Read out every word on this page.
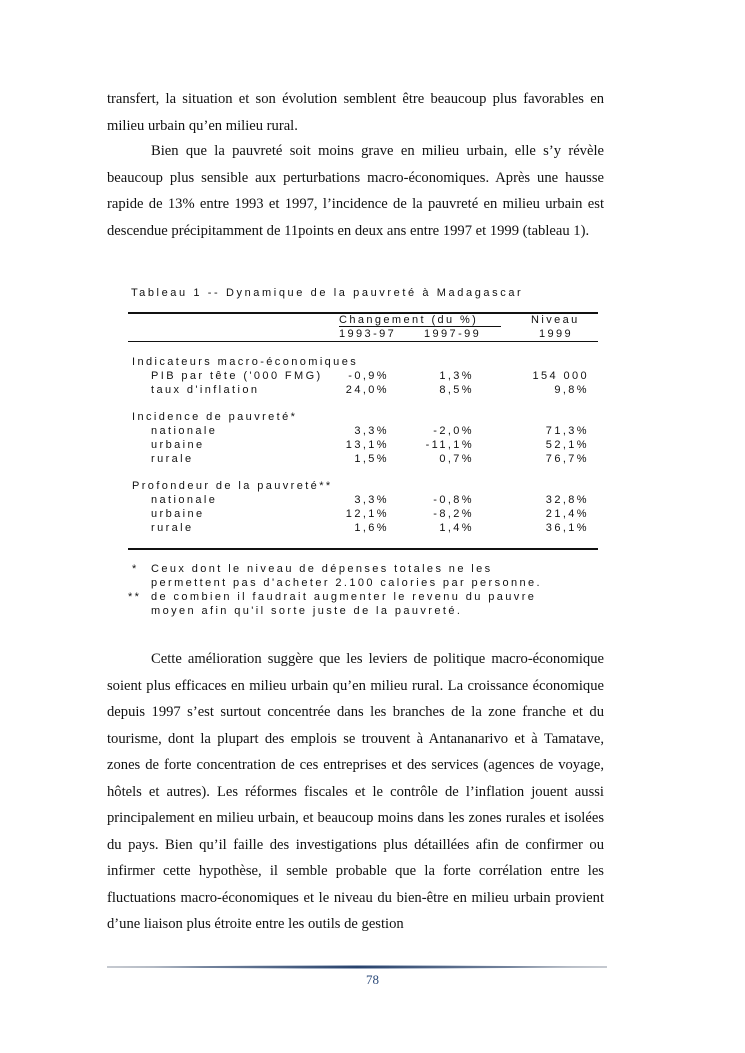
transfert, la situation et son évolution semblent être beaucoup plus favorables en milieu urbain qu’en milieu rural.

Bien que la pauvreté soit moins grave en milieu urbain, elle s’y révèle beaucoup plus sensible aux perturbations macro-économiques. Après une hausse rapide de 13% entre 1993 et 1997, l’incidence de la pauvreté en milieu urbain est descendue précipitamment de 11points en deux ans entre 1997 et 1999 (tableau 1).

Tableau 1 -- Dynamique de la pauvreté à Madagascar
Changement (du %)	Niveau
1993-97	1997-99	1999
Indicateurs macro-économiques
PIB par tête ('000 FMG)	-0,9%	1,3%	154 000
taux d'inflation	24,0%	8,5%	9,8%
Incidence de pauvreté*
nationale	3,3%	-2,0%	71,3%
urbaine	13,1%	-11,1%	52,1%
rurale	1,5%	0,7%	76,7%
Profondeur de la pauvreté**
nationale	3,3%	-0,8%	32,8%
urbaine	12,1%	-8,2%	21,4%
rurale	1,6%	1,4%	36,1%
* Ceux dont le niveau de dépenses totales ne les
permettent pas d'acheter 2.100 calories par personne.
** de combien il faudrait augmenter le revenu du pauvre
moyen afin qu'il sorte juste de la pauvreté.

Cette amélioration suggère que les leviers de politique macro-économique soient plus efficaces en milieu urbain qu’en milieu rural. La croissance économique depuis 1997 s’est surtout concentrée dans les branches de la zone franche et du tourisme, dont la plupart des emplois se trouvent à Antananarivo et à Tamatave, zones de forte concentration de ces entreprises et des services (agences de voyage, hôtels et autres). Les réformes fiscales et le contrôle de l’inflation jouent aussi principalement en milieu urbain, et beaucoup moins dans les zones rurales et isolées du pays. Bien qu’il faille des investigations plus détaillées afin de confirmer ou infirmer cette hypothèse, il semble probable que la forte corrélation entre les fluctuations macro-économiques et le niveau du bien-être en milieu urbain provient d’une liaison plus étroite entre les outils de gestion

78
